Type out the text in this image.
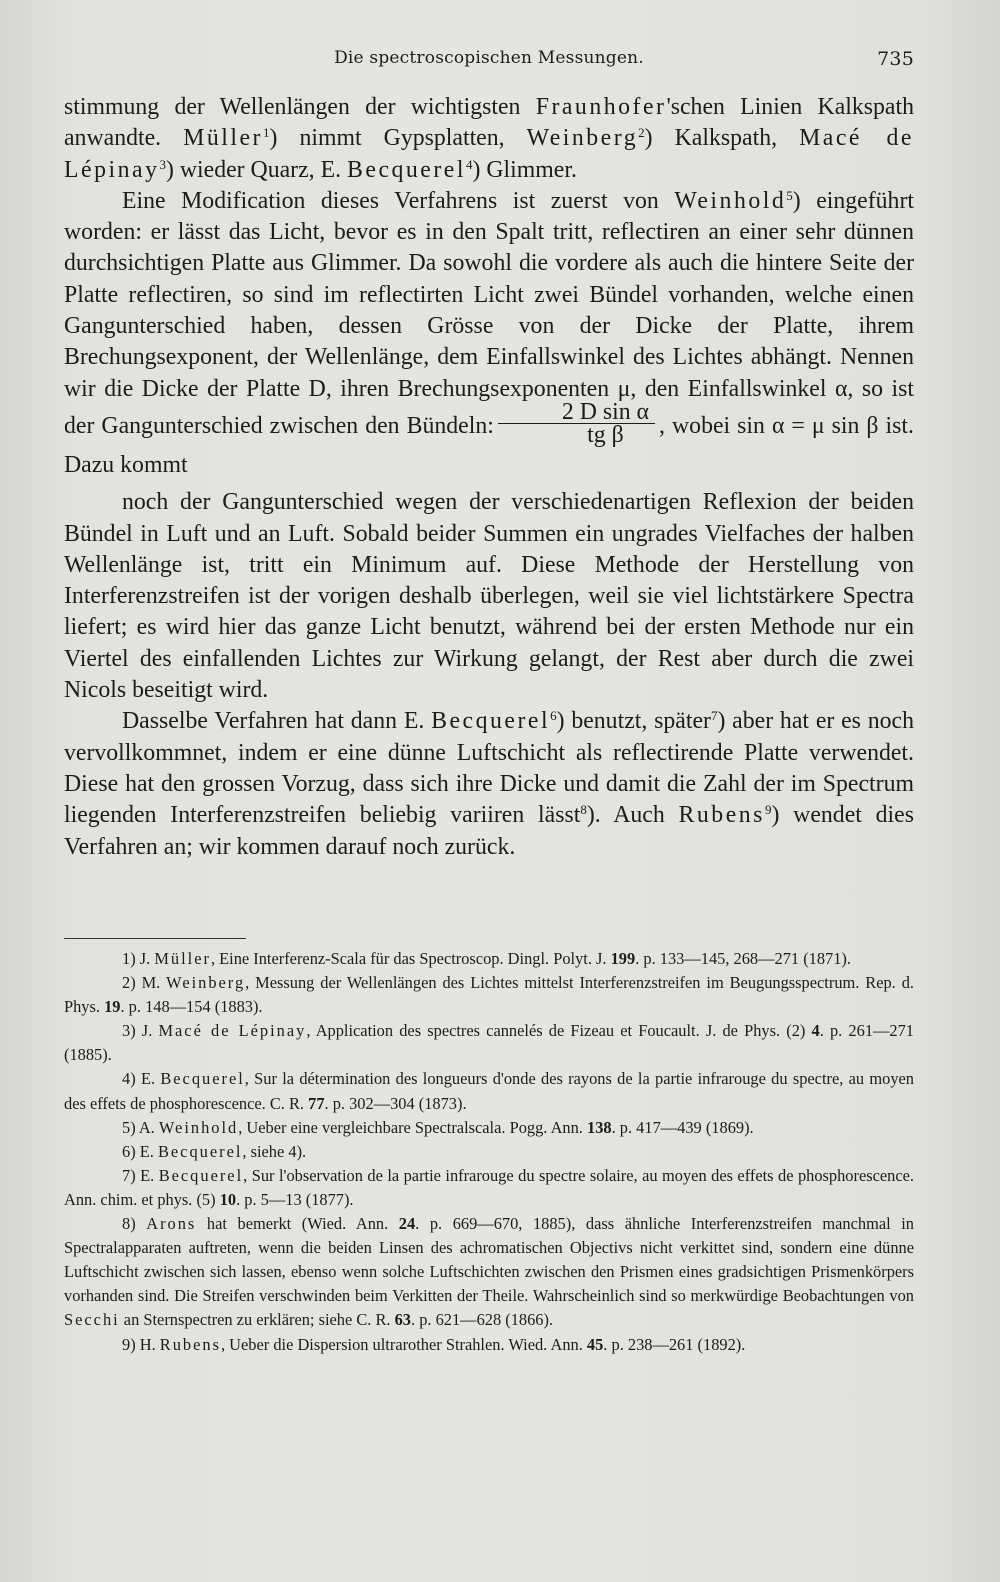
Die spectroscopischen Messungen.	735

stimmung der Wellenlängen der wichtigsten Fraunhofer'schen Linien Kalkspath anwandte. Müller$^1$) nimmt Gypsplatten, Weinberg$^2$) Kalkspath, Macé de Lépinay$^3$) wieder Quarz, E. Becquerel$^4$) Glimmer.

Eine Modification dieses Verfahrens ist zuerst von Weinhold$^5$) eingeführt worden: er lässt das Licht, bevor es in den Spalt tritt, reflectiren an einer sehr dünnen durchsichtigen Platte aus Glimmer. Da sowohl die vordere als auch die hintere Seite der Platte reflectiren, so sind im reflectirten Licht zwei Bündel vorhanden, welche einen Gangunterschied haben, dessen Grösse von der Dicke der Platte, ihrem Brechungsexponent, der Wellenlänge, dem Einfallswinkel des Lichtes abhängt. Nennen wir die Dicke der Platte D, ihren Brechungsexponenten μ, den Einfallswinkel α, so ist der Gangunterschied zwischen den Bündeln: $\frac{\text{2 D sin α}}{\text{tg β}}$ , wobei sin α = μ sin β ist. Dazu kommt
noch der Gangunterschied wegen der verschiedenartigen Reflexion der beiden Bündel in Luft und an Luft. Sobald beider Summen ein ungrades Vielfaches der halben Wellenlänge ist, tritt ein Minimum auf. Diese Methode der Herstellung von Interferenzstreifen ist der vorigen deshalb überlegen, weil sie viel lichtstärkere Spectra liefert; es wird hier das ganze Licht benutzt, während bei der ersten Methode nur ein Viertel des einfallenden Lichtes zur Wirkung gelangt, der Rest aber durch die zwei Nicols beseitigt wird.

Dasselbe Verfahren hat dann E. Becquerel$^6$) benutzt, später$^7$) aber hat er es noch vervollkommnet, indem er eine dünne Luftschicht als reflectirende Platte verwendet. Diese hat den grossen Vorzug, dass sich ihre Dicke und damit die Zahl der im Spectrum liegenden Interferenzstreifen beliebig variiren lässt$^8$). Auch Rubens$^9$) wendet dies Verfahren an; wir kommen darauf noch zurück.

1) J. Müller, Eine Interferenz-Scala für das Spectroscop. Dingl. Polyt. J. 199. p. 133—145, 268—271 (1871).

2) M. Weinberg, Messung der Wellenlängen des Lichtes mittelst Interferenzstreifen im Beugungsspectrum. Rep. d. Phys. 19. p. 148—154 (1883).

3) J. Macé de Lépinay, Application des spectres cannelés de Fizeau et Foucault. J. de Phys. (2) 4. p. 261—271 (1885).

4) E. Becquerel, Sur la détermination des longueurs d'onde des rayons de la partie infrarouge du spectre, au moyen des effets de phosphorescence. C. R. 77. p. 302—304 (1873).

5) A. Weinhold, Ueber eine vergleichbare Spectralscala. Pogg. Ann. 138. p. 417—439 (1869).

6) E. Becquerel, siehe 4).

7) E. Becquerel, Sur l'observation de la partie infrarouge du spectre solaire, au moyen des effets de phosphorescence. Ann. chim. et phys. (5) 10. p. 5—13 (1877).

8) Arons hat bemerkt (Wied. Ann. 24. p. 669—670, 1885), dass ähnliche Interferenzstreifen manchmal in Spectralapparaten auftreten, wenn die beiden Linsen des achromatischen Objectivs nicht verkittet sind, sondern eine dünne Luftschicht zwischen sich lassen, ebenso wenn solche Luftschichten zwischen den Prismen eines gradsichtigen Prismenkörpers vorhanden sind. Die Streifen verschwinden beim Verkitten der Theile. Wahrscheinlich sind so merkwürdige Beobachtungen von Secchi an Sternspectren zu erklären; siehe C. R. 63. p. 621—628 (1866).

9) H. Rubens, Ueber die Dispersion ultrarother Strahlen. Wied. Ann. 45. p. 238—261 (1892).
